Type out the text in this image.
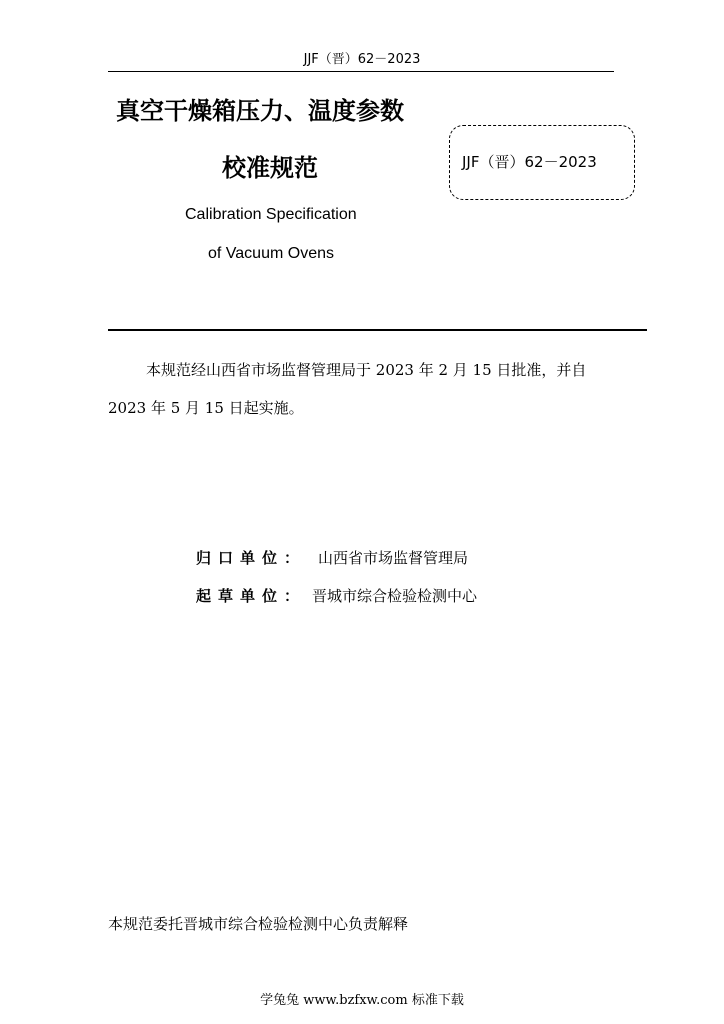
JJF（晋）62－2023
真空干燥箱压力、温度参数
校准规范
Calibration Specification
of Vacuum Ovens
JJF（晋）62－2023
本规范经山西省市场监督管理局于 2023 年 2 月 15 日批准，并自
2023 年 5 月 15 日起实施。
归口单位： 山西省市场监督管理局
起草单位： 晋城市综合检验检测中心
本规范委托晋城市综合检验检测中心负责解释
学兔兔 www.bzfxw.com 标准下载
